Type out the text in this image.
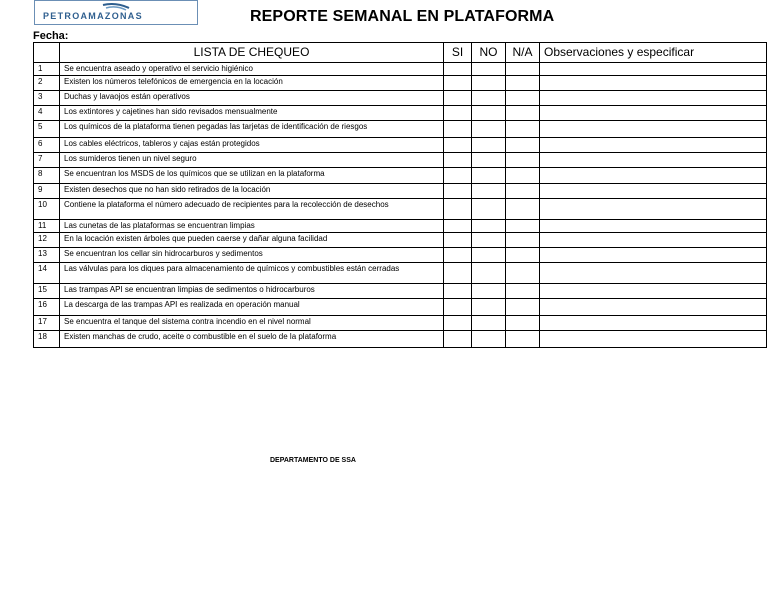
PETROAMAZONAS	REPORTE SEMANAL EN PLATAFORMA
Fecha:
	LISTA DE CHEQUEO	SI	NO	N/A	Observaciones y especificar
1	Se encuentra aseado y operativo el servicio higiénico				
2	Existen los números telefónicos de emergencia en la locación				
3	Duchas y lavaojos están operativos				
4	Los extintores y cajetines han sido revisados mensualmente				
5	Los químicos de la plataforma tienen pegadas las tarjetas de identificación de riesgos				
6	Los cables eléctricos, tableros y cajas están protegidos				
7	Los sumideros tienen un nivel seguro				
8	Se encuentran los MSDS de los químicos que se utilizan en la plataforma				
9	Existen desechos que no han sido retirados de la locación				
10	Contiene la plataforma el número adecuado de recipientes para la recolección de desechos				
11	Las cunetas de las plataformas se encuentran limpias				
12	En la locación existen árboles que pueden caerse y dañar alguna facilidad				
13	Se encuentran los cellar sin hidrocarburos y sedimentos				
14	Las válvulas para los diques para almacenamiento de químicos y combustibles están cerradas				
15	Las trampas API se encuentran limpias de sedimentos o hidrocarburos				
16	La descarga de las trampas API es realizada en operación manual				
17	Se encuentra el tanque del sistema contra incendio en el nivel normal				
18	Existen manchas de crudo, aceite o combustible en el suelo de la plataforma				
DEPARTAMENTO DE SSA
